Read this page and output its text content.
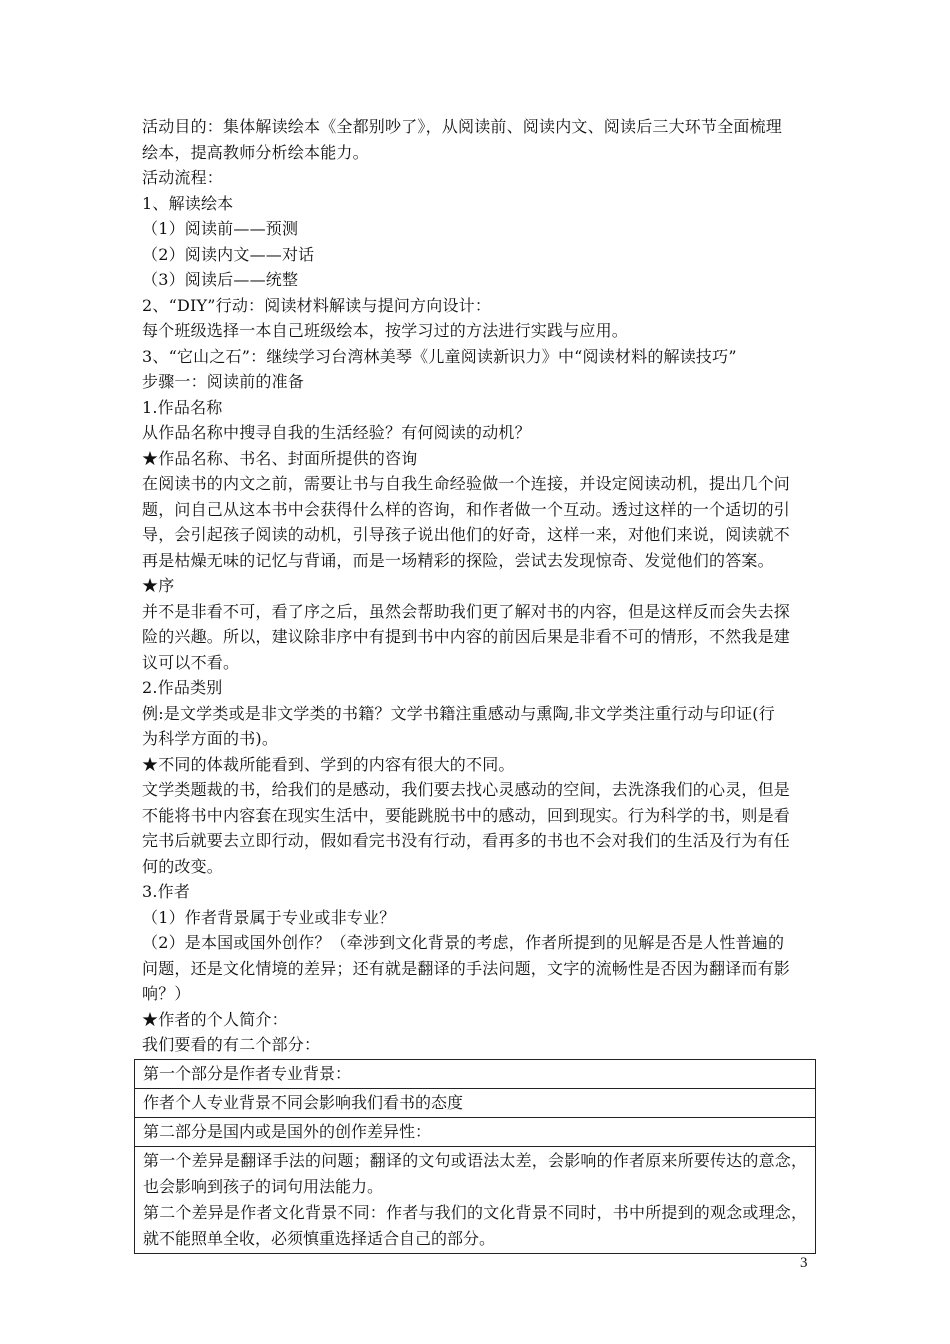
活动目的：集体解读绘本《全都别吵了》，从阅读前、阅读内文、阅读后三大环节全面梳理
绘本，提高教师分析绘本能力。
活动流程：
1、解读绘本
（1）阅读前——预测
（2）阅读内文——对话
（3）阅读后——统整
2、“DIY”行动：阅读材料解读与提问方向设计：
每个班级选择一本自己班级绘本，按学习过的方法进行实践与应用。
3、“它山之石”：继续学习台湾林美琴《儿童阅读新识力》中“阅读材料的解读技巧”
步骤一：阅读前的准备
1.作品名称
从作品名称中搜寻自我的生活经验？有何阅读的动机？
★作品名称、书名、封面所提供的咨询
在阅读书的内文之前，需要让书与自我生命经验做一个连接，并设定阅读动机，提出几个问
题，问自己从这本书中会获得什么样的咨询，和作者做一个互动。透过这样的一个适切的引
导，会引起孩子阅读的动机，引导孩子说出他们的好奇，这样一来，对他们来说，阅读就不
再是枯燥无味的记忆与背诵，而是一场精彩的探险，尝试去发现惊奇、发觉他们的答案。
★序
并不是非看不可，看了序之后，虽然会帮助我们更了解对书的内容，但是这样反而会失去探
险的兴趣。所以，建议除非序中有提到书中内容的前因后果是非看不可的情形，不然我是建
议可以不看。
2.作品类别
例:是文学类或是非文学类的书籍？文学书籍注重感动与熏陶,非文学类注重行动与印证(行
为科学方面的书)。
★不同的体裁所能看到、学到的内容有很大的不同。
文学类题裁的书，给我们的是感动，我们要去找心灵感动的空间，去洗涤我们的心灵，但是
不能将书中内容套在现实生活中，要能跳脱书中的感动，回到现实。行为科学的书，则是看
完书后就要去立即行动，假如看完书没有行动，看再多的书也不会对我们的生活及行为有任
何的改变。
3.作者
（1）作者背景属于专业或非专业？
（2）是本国或国外创作？（牵涉到文化背景的考虑，作者所提到的见解是否是人性普遍的
问题，还是文化情境的差异；还有就是翻译的手法问题，文字的流畅性是否因为翻译而有影
响？）
★作者的个人简介：
我们要看的有二个部分：
第一个部分是作者专业背景：
作者个人专业背景不同会影响我们看书的态度
第二部分是国内或是国外的创作差异性：

第一个差异是翻译手法的问题；翻译的文句或语法太差，会影响的作者原来所要传达的意念，也会影响到孩子的词句用法能力。
第二个差异是作者文化背景不同：作者与我们的文化背景不同时，书中所提到的观念或理念，就不能照单全收，必须慎重选择适合自己的部分。
3
